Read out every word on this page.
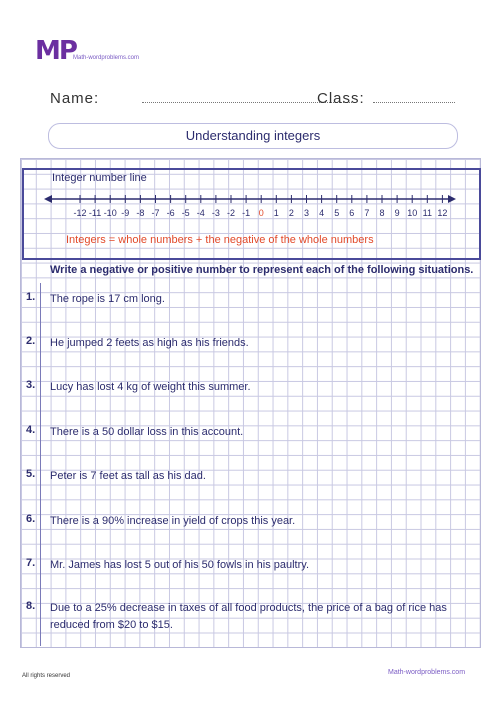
MP
Math-wordproblems.com
Name:	Class:
Understanding integers
Integer number line
-12 -11 -10 -9 -8 -7 -6 -5 -4 -3 -2 -1 0 1 2 3 4 5 6 7 8 9 10 11 12
Integers = whole numbers + the negative of the whole numbers
Write a negative or positive number to represent each of the following situations.
1. The rope is 17 cm long.
2. He jumped 2 feets as high as his friends.
3. Lucy has lost 4 kg of weight this summer.
4. There is a 50 dollar loss in this account.
5. Peter is 7 feet as tall as his dad.
6. There is a 90% increase in yield of crops this year.
7. Mr. James has lost 5 out of his 50 fowls in his paultry.
8. Due to a 25% decrease in taxes of all food products, the price of a bag of rice has reduced from $20 to $15.
All rights reserved	Math-wordproblems.com
